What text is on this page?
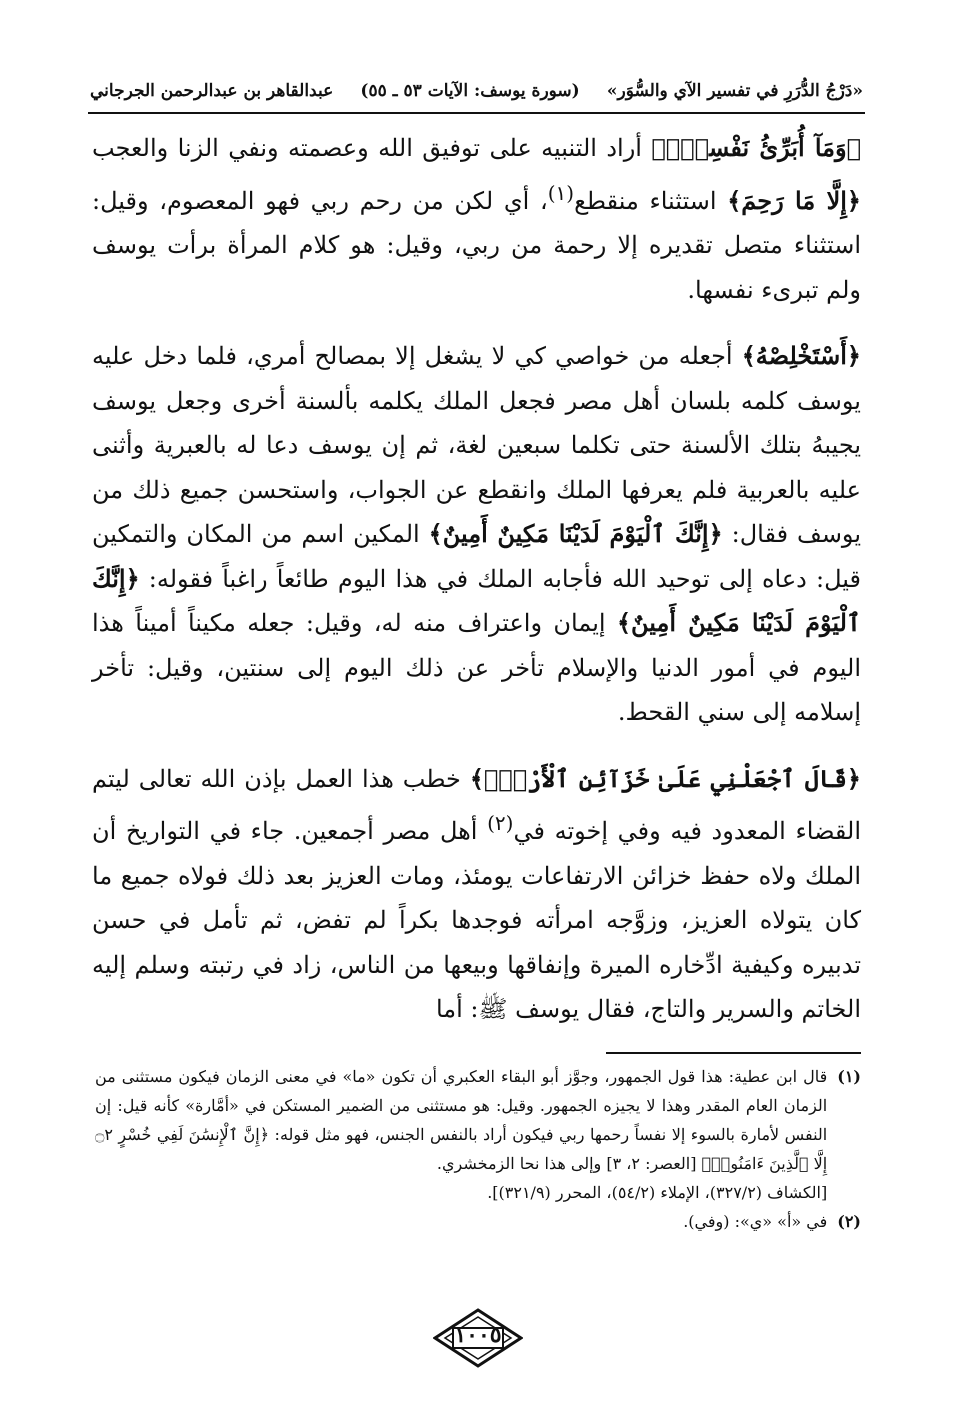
«دَرْجُ الدُّرَرِ في تفسير الآي والسُّوَر»
(سورة يوسف: الآيات ٥٣ ـ ٥٥)
عبدالقاهر بن عبدالرحمن الجرجاني

﴿وَمَآ أُبَرِّئُ نَفْسِيٓۚ﴾ أراد التنبيه على توفيق الله وعصمته ونفي الزنا والعجب ﴿إِلَّا مَا رَحِمَ﴾ استثناء منقطع$^{(١)}$، أي لكن من رحم ربي فهو المعصوم، وقيل: استثناء متصل تقديره إلا رحمة من ربي، وقيل: هو كلام المرأة برأت يوسف ولم تبرىء نفسها.

﴿أَسْتَخْلِصْهُ﴾ أجعله من خواصي كي لا يشغل إلا بمصالح أمري، فلما دخل عليه يوسف كلمه بلسان أهل مصر فجعل الملك يكلمه بألسنة أخرى وجعل يوسف يجيبهُ بتلك الألسنة حتى تكلما سبعين لغة، ثم إن يوسف دعا له بالعبرية وأثنى عليه بالعربية فلم يعرفها الملك وانقطع عن الجواب، واستحسن جميع ذلك من يوسف فقال: ﴿إِنَّكَ ٱلْيَوْمَ لَدَيْنَا مَكِينٌ أَمِينٌ﴾ المكين اسم من المكان والتمكين قيل: دعاه إلى توحيد الله فأجابه الملك في هذا اليوم طائعاً راغباً فقوله: ﴿إِنَّكَ ٱلْيَوْمَ لَدَيْنَا مَكِينٌ أَمِينٌ﴾ إيمان واعتراف منه له، وقيل: جعله مكيناً أميناً هذا اليوم في أمور الدنيا والإسلام تأخر عن ذلك اليوم إلى سنتين، وقيل: تأخر إسلامه إلى سني القحط.

﴿قَالَ ٱجْعَلْنِي عَلَىٰ خَزَآئِنِ ٱلْأَرْضِۖ﴾ خطب هذا العمل بإذن الله تعالى ليتم القضاء المعدود فيه وفي إخوته في$^{(٢)}$ أهل مصر أجمعين. جاء في التواريخ أن الملك ولاه حفظ خزائن الارتفاعات يومئذ، ومات العزيز بعد ذلك فولاه جميع ما كان يتولاه العزيز، وزوَّجه امرأته فوجدها بكراً لم تفض، ثم تأمل في حسن تدبيره وكيفية ادِّخاره الميرة وإنفاقها وبيعها من الناس، زاد في رتبته وسلم إليه الخاتم والسرير والتاج، فقال يوسف ﷺ: أما

(١)
قال ابن عطية: هذا قول الجمهور، وجوَّز أبو البقاء العكبري أن تكون «ما» في معنى الزمان فيكون مستثنى من الزمان العام المقدر وهذا لا يجيزه الجمهور. وقيل: هو مستثنى من الضمير المستكن في «أمَّارة» كأنه قيل: إن النفس لأمارة بالسوء إلا نفساً رحمها ربي فيكون أراد بالنفس الجنس، فهو مثل قوله: ﴿إِنَّ ٱلْإِنسَٰنَ لَفِي خُسْرٍ ۝٢ إِلَّا ٱلَّذِينَ ءَامَنُوا۟﴾ [العصر: ٢، ٣] وإلى هذا نحا الزمخشري.
[الكشاف (٣٢٧/٢)، الإملاء (٥٤/٢)، المحرر (٣٢١/٩)].
(٢)
في «أ» «ي»: (وفي).
١٠٠٥
